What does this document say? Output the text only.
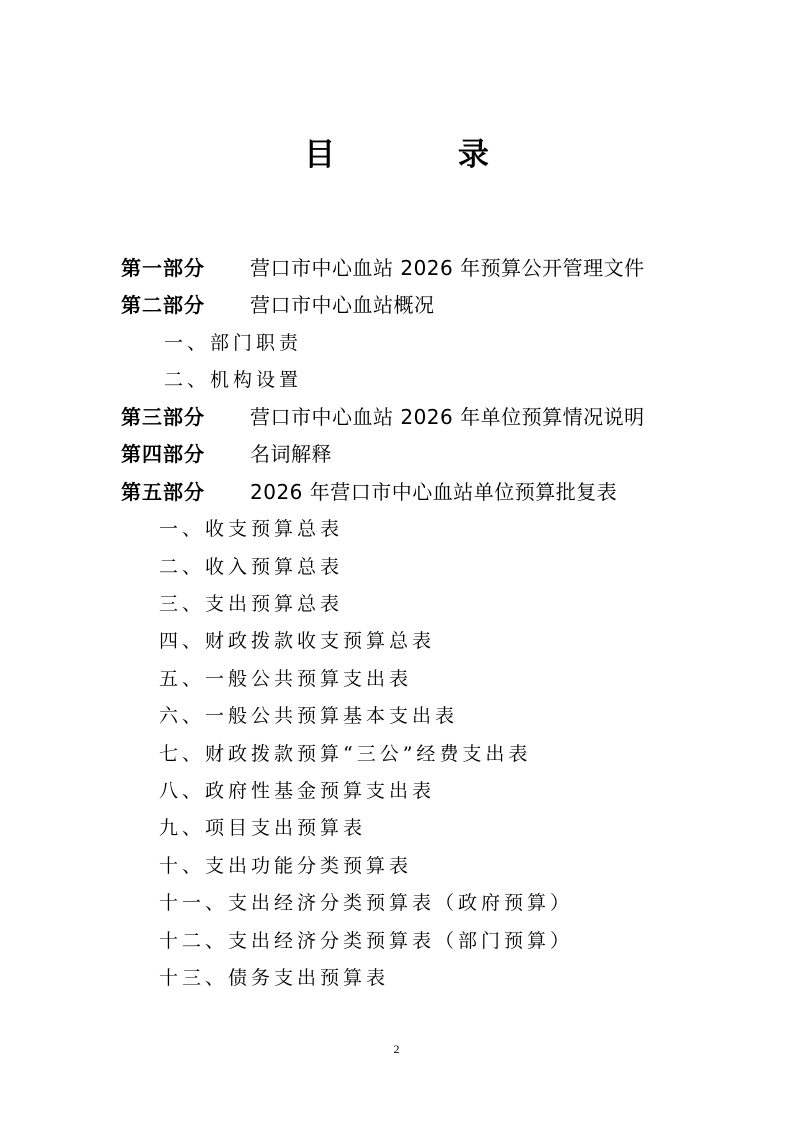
目 录
第一部分 营口市中心血站 2026 年预算公开管理文件
第二部分 营口市中心血站概况
一、部门职责
二、机构设置
第三部分 营口市中心血站 2026 年单位预算情况说明
第四部分 名词解释
第五部分 2026 年营口市中心血站单位预算批复表
一、收支预算总表
二、收入预算总表
三、支出预算总表
四、财政拨款收支预算总表
五、一般公共预算支出表
六、一般公共预算基本支出表
七、财政拨款预算“三公”经费支出表
八、政府性基金预算支出表
九、项目支出预算表
十、支出功能分类预算表
十一、支出经济分类预算表（政府预算）
十二、支出经济分类预算表（部门预算）
十三、债务支出预算表
2
